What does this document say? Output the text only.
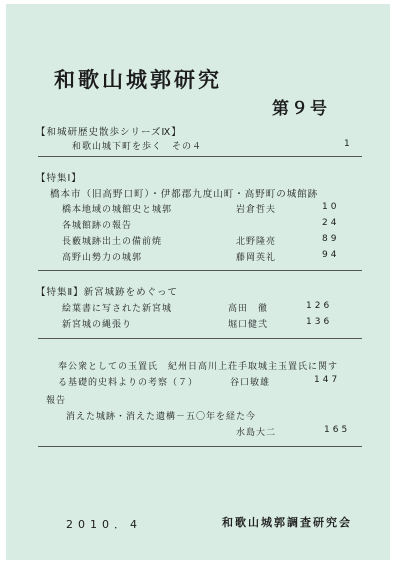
和歌山城郭研究
第９号
【和城研歴史散歩シリーズⅨ】
和歌山城下町を歩く　その４	1
【特集Ⅰ】
橋本市（旧高野口町）・伊都郡九度山町・高野町の城館跡
橋本地域の城館史と城郭	岩倉哲夫	10
各城館跡の報告	24
長藪城跡出土の備前焼	北野隆亮	89
高野山勢力の城郭	藤岡英礼	94
【特集Ⅱ】新宮城跡をめぐって
絵葉書に写された新宮城	高田　徹	126
新宮城の縄張り	堀口健弐	136
奉公衆としての玉置氏　紀州日高川上荘手取城主玉置氏に関す
る基礎的史料よりの考察（７）	谷口敏雄	147
報告
消えた城跡・消えた遺構－五〇年を経た今
水島大二	165
2010．4	和歌山城郭調査研究会
